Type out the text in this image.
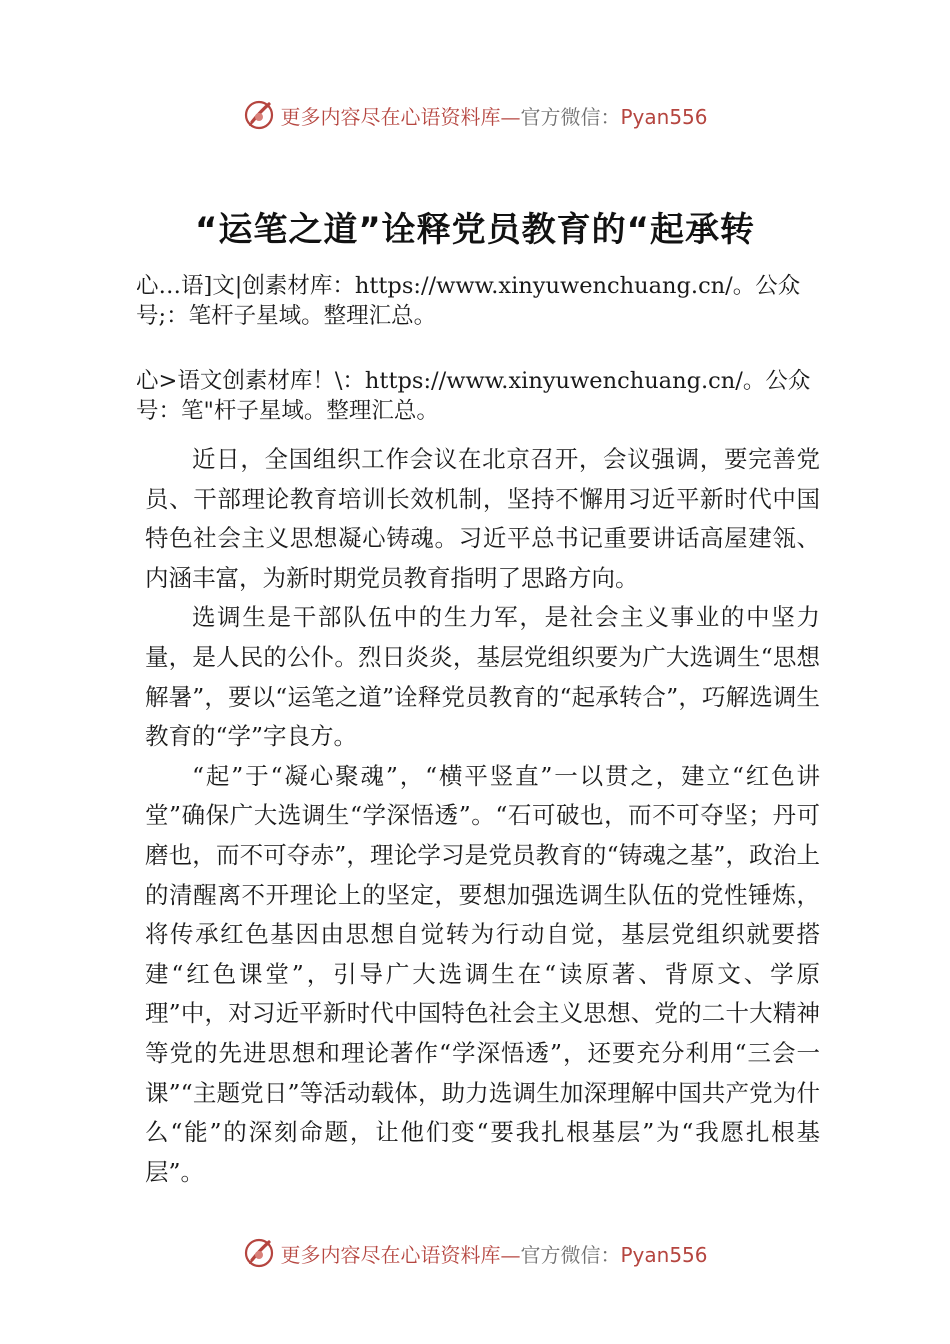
更多内容尽在心语资料库—官方微信：Pyan556
“运笔之道”诠释党员教育的“起承转
心…语]文|创素材库：https://www.xinyuwenchuang.cn/。公众号;：笔杆子星域。整理汇总。
心>语文创素材库！\：https://www.xinyuwenchuang.cn/。公众号：笔"杆子星域。整理汇总。

近日，全国组织工作会议在北京召开，会议强调，要完善党员、干部理论教育培训长效机制，坚持不懈用习近平新时代中国特色社会主义思想凝心铸魂。习近平总书记重要讲话高屋建瓴、内涵丰富，为新时期党员教育指明了思路方向。

选调生是干部队伍中的生力军，是社会主义事业的中坚力量，是人民的公仆。烈日炎炎，基层党组织要为广大选调生“思想解暑”，要以“运笔之道”诠释党员教育的“起承转合”，巧解选调生教育的“学”字良方。

“起”于“凝心聚魂”，“横平竖直”一以贯之，建立“红色讲堂”确保广大选调生“学深悟透”。“石可破也，而不可夺坚；丹可磨也，而不可夺赤”，理论学习是党员教育的“铸魂之基”，政治上的清醒离不开理论上的坚定，要想加强选调生队伍的党性锤炼，将传承红色基因由思想自觉转为行动自觉，基层党组织就要搭建“红色课堂”，引导广大选调生在“读原著、背原文、学原理”中，对习近平新时代中国特色社会主义思想、党的二十大精神等党的先进思想和理论著作“学深悟透”，还要充分利用“三会一课”“主题党日”等活动载体，助力选调生加深理解中国共产党为什么“能”的深刻命题，让他们变“要我扎根基层”为“我愿扎根基层”。

更多内容尽在心语资料库—官方微信：Pyan556
